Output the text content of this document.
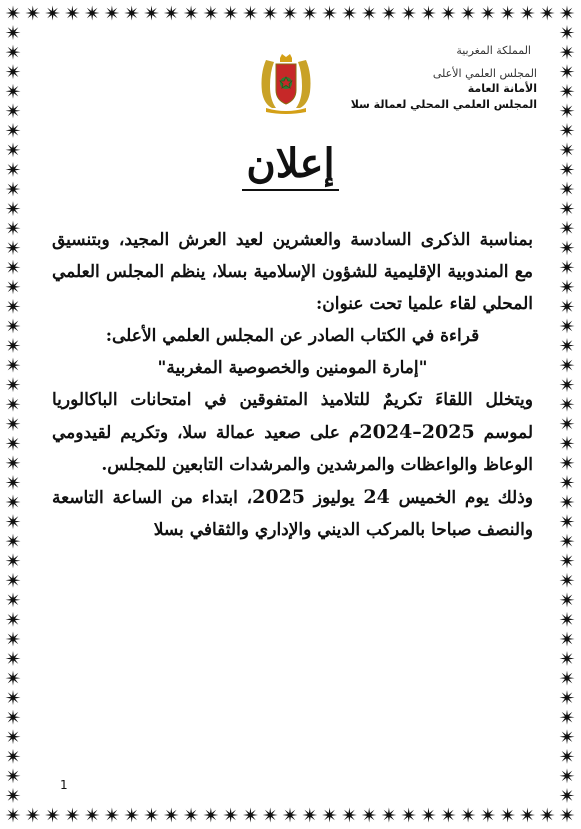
المملكة المغربية
المجلس العلمي الأعلى
الأمانة العامة
المجلس العلمي المحلي لعمالة سلا
إعلان

بمناسبة الذكرى السادسة والعشرين لعيد العرش المجيد، وبتنسيق مع المندوبية الإقليمية للشؤون الإسلامية بسلا، ينظم المجلس العلمي المحلي لقاء علميا تحت عنوان:

قراءة في الكتاب الصادر عن المجلس العلمي الأعلى:

"إمارة المومنين والخصوصية المغربية"

ويتخلل اللقاءَ تكريمٌ للتلاميذ المتفوقين في امتحانات الباكالوريا لموسم 2024–2025م على صعيد عمالة سلا، وتكريم لقيدومي الوعاظ والواعظات والمرشدين والمرشدات التابعين للمجلس.

وذلك يوم الخميس 24 يوليوز 2025، ابتداء من الساعة التاسعة والنصف صباحا بالمركب الديني والإداري والثقافي بسلا

1
